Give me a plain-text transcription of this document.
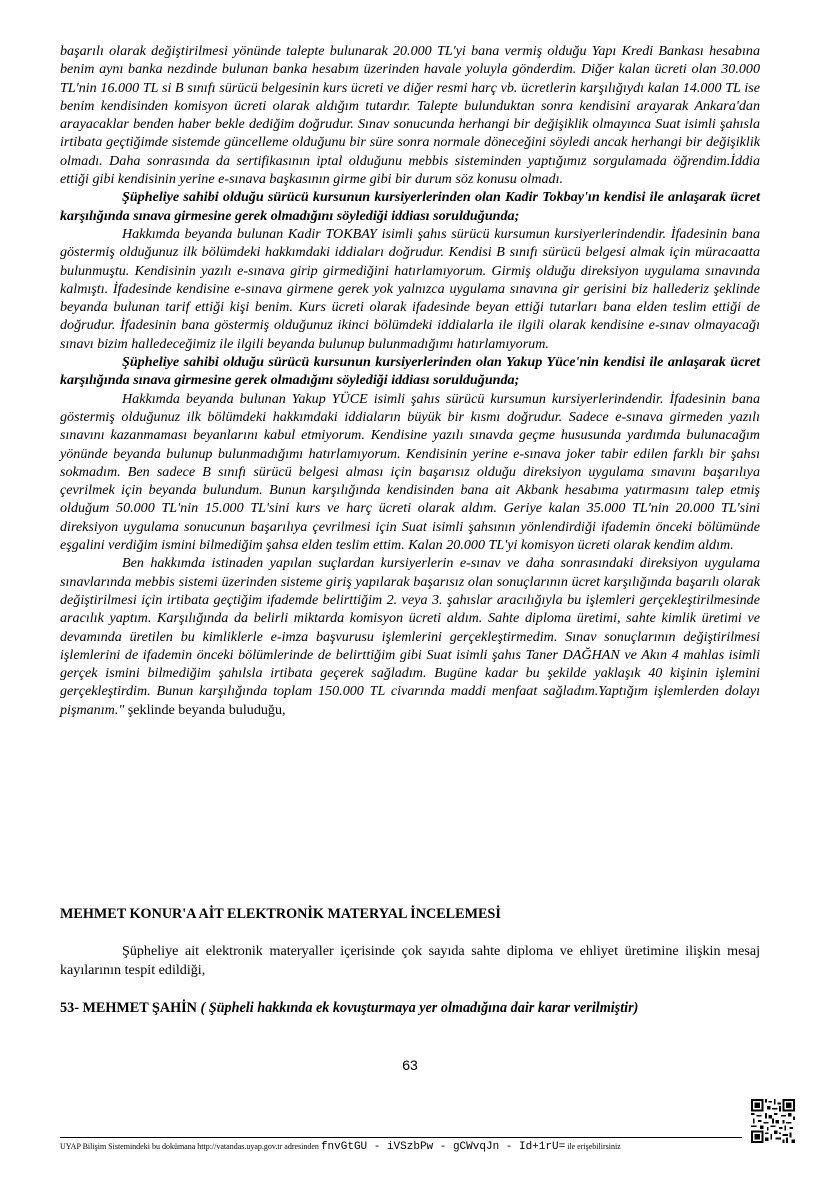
başarılı olarak değiştirilmesi yönünde talepte bulunarak 20.000 TL'yi bana vermiş olduğu Yapı Kredi Bankası hesabına benim aynı banka nezdinde bulunan banka hesabım üzerinden havale yoluyla gönderdim. Diğer kalan ücreti olan 30.000 TL'nin 16.000 TL si B sınıfı sürücü belgesinin kurs ücreti ve diğer resmi harç vb. ücretlerin karşılığıydı kalan 14.000 TL ise benim kendisinden komisyon ücreti olarak aldığım tutardır. Talepte bulunduktan sonra kendisini arayarak Ankara'dan arayacaklar benden haber bekle dediğim doğrudur. Sınav sonucunda herhangi bir değişiklik olmayınca Suat isimli şahısla irtibata geçtiğimde sistemde güncelleme olduğunu bir süre sonra normale döneceğini söyledi ancak herhangi bir değişiklik olmadı. Daha sonrasında da sertifikasının iptal olduğunu mebbis sisteminden yaptığımız sorgulamada öğrendim.İddia ettiği gibi kendisinin yerine e-sınava başkasının girme gibi bir durum söz konusu olmadı.

Şüpheliye sahibi olduğu sürücü kursunun kursiyerlerinden olan Kadir Tokbay'ın kendisi ile anlaşarak ücret karşılığında sınava girmesine gerek olmadığını söylediği iddiası sorulduğunda;

Hakkımda beyanda bulunan Kadir TOKBAY isimli şahıs sürücü kursumun kursiyerlerindendir. İfadesinin bana göstermiş olduğunuz ilk bölümdeki hakkımdaki iddiaları doğrudur. Kendisi B sınıfı sürücü belgesi almak için müracaatta bulunmuştu. Kendisinin yazılı e-sınava girip girmediğini hatırlamıyorum. Girmiş olduğu direksiyon uygulama sınavında kalmıştı. İfadesinde kendisine e-sınava girmene gerek yok yalnızca uygulama sınavına gir gerisini biz hallederiz şeklinde beyanda bulunan tarif ettiği kişi benim. Kurs ücreti olarak ifadesinde beyan ettiği tutarları bana elden teslim ettiği de doğrudur. İfadesinin bana göstermiş olduğunuz ikinci bölümdeki iddialarla ile ilgili olarak kendisine e-sınav olmayacağı sınavı bizim halledeceğimiz ile ilgili beyanda bulunup bulunmadığımı hatırlamıyorum.

Şüpheliye sahibi olduğu sürücü kursunun kursiyerlerinden olan Yakup Yüce'nin kendisi ile anlaşarak ücret karşılığında sınava girmesine gerek olmadığını söylediği iddiası sorulduğunda;

Hakkımda beyanda bulunan Yakup YÜCE isimli şahıs sürücü kursumun kursiyerlerindendir. İfadesinin bana göstermiş olduğunuz ilk bölümdeki hakkımdaki iddiaların büyük bir kısmı doğrudur. Sadece e-sınava girmeden yazılı sınavını kazanmaması beyanlarını kabul etmiyorum. Kendisine yazılı sınavda geçme hususunda yardımda bulunacağım yönünde beyanda bulunup bulunmadığımı hatırlamıyorum. Kendisinin yerine e-sınava joker tabir edilen farklı bir şahsı sokmadım. Ben sadece B sınıfı sürücü belgesi alması için başarısız olduğu direksiyon uygulama sınavını başarılıya çevrilmek için beyanda bulundum. Bunun karşılığında kendisinden bana ait Akbank hesabıma yatırmasını talep etmiş olduğum 50.000 TL'nin 15.000 TL'sini kurs ve harç ücreti olarak aldım. Geriye kalan 35.000 TL'nin 20.000 TL'sini direksiyon uygulama sonucunun başarılıya çevrilmesi için Suat isimli şahsının yönlendirdiği ifademin önceki bölümünde eşgalini verdiğim ismini bilmediğim şahsa elden teslim ettim. Kalan 20.000 TL'yi komisyon ücreti olarak kendim aldım.

Ben hakkımda istinaden yapılan suçlardan kursiyerlerin e-sınav ve daha sonrasındaki direksiyon uygulama sınavlarında mebbis sistemi üzerinden sisteme giriş yapılarak başarısız olan sonuçlarının ücret karşılığında başarılı olarak değiştirilmesi için irtibata geçtiğim ifademde belirttiğim 2. veya 3. şahıslar aracılığıyla bu işlemleri gerçekleştirilmesinde aracılık yaptım. Karşılığında da belirli miktarda komisyon ücreti aldım. Sahte diploma üretimi, sahte kimlik üretimi ve devamında üretilen bu kimliklerle e-imza başvurusu işlemlerini gerçekleştirmedim. Sınav sonuçlarının değiştirilmesi işlemlerini de ifademin önceki bölümlerinde de belirttiğim gibi Suat isimli şahıs Taner DAĞHAN ve Akın 4 mahlas isimli gerçek ismini bilmediğim şahılsla irtibata geçerek sağladım. Bugüne kadar bu şekilde yaklaşık 40 kişinin işlemini gerçekleştirdim. Bunun karşılığında toplam 150.000 TL civarında maddi menfaat sağladım.Yaptığım işlemlerden dolayı pişmanım." şeklinde beyanda buluduğu,

MEHMET KONUR'A AİT ELEKTRONİK MATERYAL İNCELEMESİ

Şüpheliye ait elektronik materyaller içerisinde çok sayıda sahte diploma ve ehliyet üretimine ilişkin mesaj kayılarının tespit edildiği,

53- MEHMET ŞAHİN ( Şüpheli hakkında ek kovuşturmaya yer olmadığına dair karar verilmiştir)

63
UYAP Bilişim Sistemindeki bu dokümana http://vatandas.uyap.gov.tr adresinden fnvGtGU - iVSzbPw - gCWvqJn - Id+1rU= ile erişebilirsiniz
